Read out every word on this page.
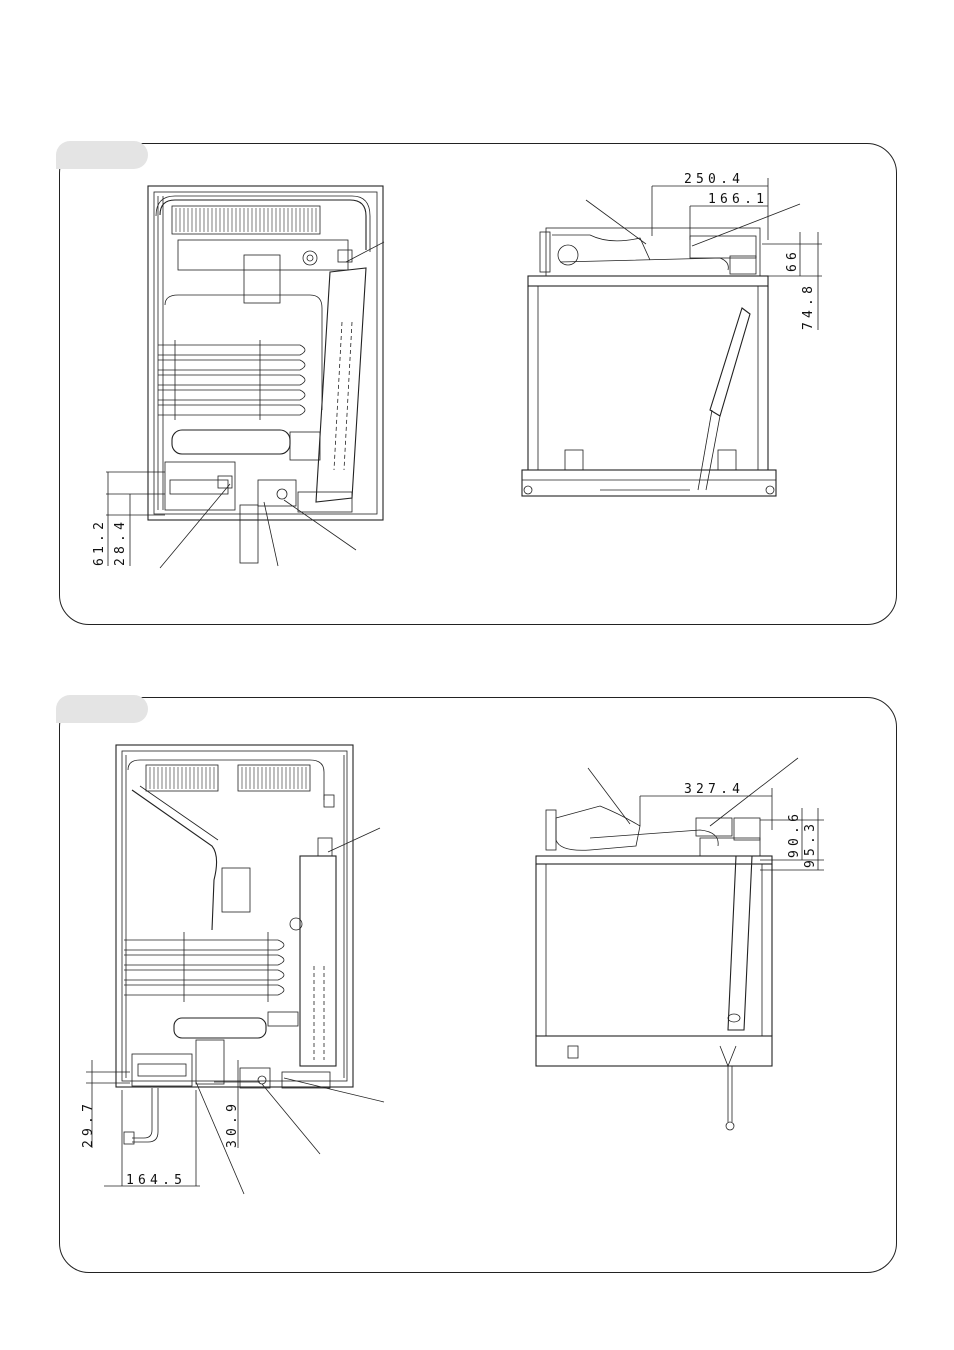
61.2 28.4
250.4
166.1
66
74.8
29.7	30.9
164.5
327.4
90.6 95.3
